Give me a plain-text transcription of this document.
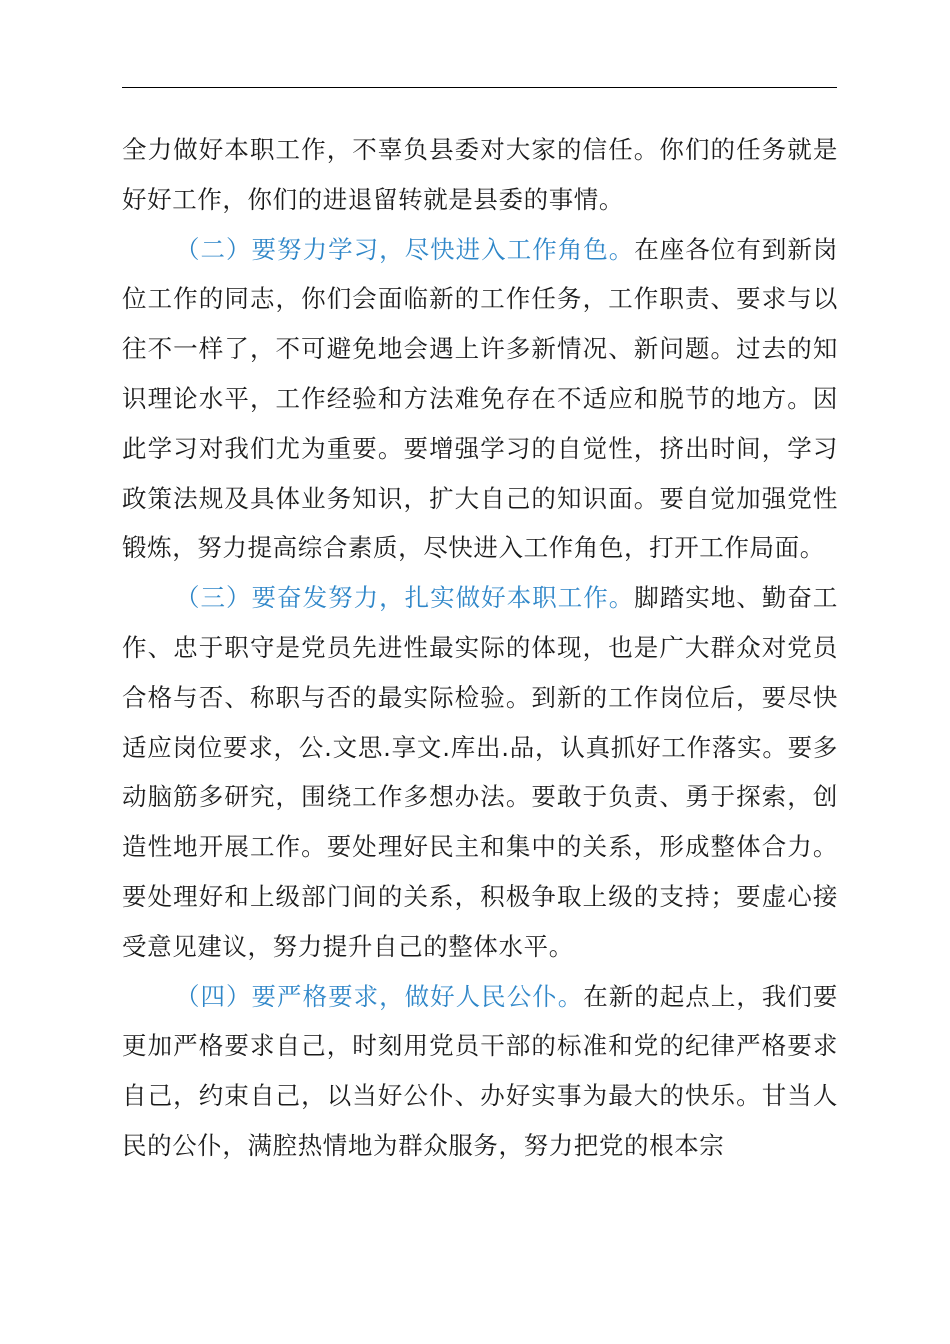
全力做好本职工作，不辜负县委对大家的信任。你们的任务就是好好工作，你们的进退留转就是县委的事情。

（二）要努力学习，尽快进入工作角色。在座各位有到新岗位工作的同志，你们会面临新的工作任务，工作职责、要求与以往不一样了，不可避免地会遇上许多新情况、新问题。过去的知识理论水平，工作经验和方法难免存在不适应和脱节的地方。因此学习对我们尤为重要。要增强学习的自觉性，挤出时间，学习政策法规及具体业务知识，扩大自己的知识面。要自觉加强党性锻炼，努力提高综合素质，尽快进入工作角色，打开工作局面。

（三）要奋发努力，扎实做好本职工作。脚踏实地、勤奋工作、忠于职守是党员先进性最实际的体现，也是广大群众对党员合格与否、称职与否的最实际检验。到新的工作岗位后，要尽快适应岗位要求，公.文思.享文.库出.品，认真抓好工作落实。要多动脑筋多研究，围绕工作多想办法。要敢于负责、勇于探索，创造性地开展工作。要处理好民主和集中的关系，形成整体合力。要处理好和上级部门间的关系，积极争取上级的支持；要虚心接受意见建议，努力提升自己的整体水平。

（四）要严格要求，做好人民公仆。在新的起点上，我们要更加严格要求自己，时刻用党员干部的标准和党的纪律严格要求自己，约束自己，以当好公仆、办好实事为最大的快乐。甘当人民的公仆，满腔热情地为群众服务，努力把党的根本宗
